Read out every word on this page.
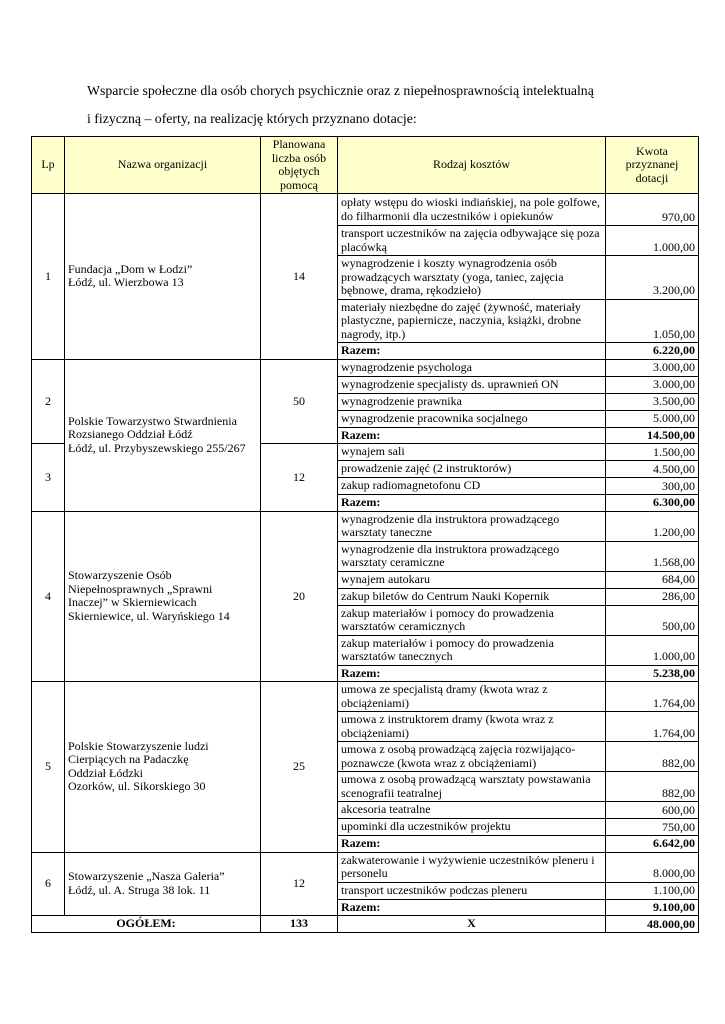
Wsparcie społeczne dla osób chorych psychicznie oraz z niepełnosprawnością intelektualną
i fizyczną – oferty, na realizację których przyznano dotacje:
Lp	Nazwa organizacji	Planowana liczba osób objętych pomocą	Rodzaj kosztów	Kwota przyznanej dotacji
1	Fundacja „Dom w Łodzi”
Łódź, ul. Wierzbowa 13	14	opłaty wstępu do wioski indiańskiej, na pole golfowe, do filharmonii dla uczestników i opiekunów	970,00
			transport uczestników na zajęcia odbywające się poza placówką	1.000,00
			wynagrodzenie i koszty wynagrodzenia osób prowadzących warsztaty (yoga, taniec, zajęcia bębnowe, drama, rękodzieło)	3.200,00
			materiały niezbędne do zajęć (żywność, materiały plastyczne, papiernicze, naczynia, książki, drobne nagrody, itp.)	1.050,00
			Razem:	6.220,00
2	Polskie Towarzystwo Stwardnienia
Rozsianego Oddział Łódź
Łódź, ul. Przybyszewskiego 255/267	50	wynagrodzenie psychologa	3.000,00
			wynagrodzenie specjalisty ds. uprawnień ON	3.000,00
			wynagrodzenie prawnika	3.500,00
			wynagrodzenie pracownika socjalnego	5.000,00
			Razem:	14.500,00
3		12	wynajem sali	1.500,00
			prowadzenie zajęć (2 instruktorów)	4.500,00
			zakup radiomagnetofonu CD	300,00
			Razem:	6.300,00
4	Stowarzyszenie Osób
Niepełnosprawnych „Sprawni
Inaczej” w Skierniewicach
Skierniewice, ul. Waryńskiego 14	20	wynagrodzenie dla instruktora prowadzącego warsztaty taneczne	1.200,00
			wynagrodzenie dla instruktora prowadzącego warsztaty ceramiczne	1.568,00
			wynajem autokaru	684,00
			zakup biletów do Centrum Nauki Kopernik	286,00
			zakup materiałów i pomocy do prowadzenia warsztatów ceramicznych	500,00
			zakup materiałów i pomocy do prowadzenia warsztatów tanecznych	1.000,00
			Razem:	5.238,00
5	Polskie Stowarzyszenie ludzi
Cierpiących na Padaczkę
Oddział Łódzki
Ozorków, ul. Sikorskiego 30	25	umowa ze specjalistą dramy (kwota wraz z obciążeniami)	1.764,00
			umowa z instruktorem dramy (kwota wraz z obciążeniami)	1.764,00
			umowa z osobą prowadzącą zajęcia rozwijająco-poznawcze (kwota wraz z obciążeniami)	882,00
			umowa z osobą prowadzącą warsztaty powstawania scenografii teatralnej	882,00
			akcesoria teatralne	600,00
			upominki dla uczestników projektu	750,00
			Razem:	6.642,00
6	Stowarzyszenie „Nasza Galeria”
Łódź, ul. A. Struga 38 lok. 11	12	zakwaterowanie i wyżywienie uczestników pleneru i personelu	8.000,00
			transport uczestników podczas pleneru	1.100,00
			Razem:	9.100,00
OGÓŁEM:		133	X	48.000,00
